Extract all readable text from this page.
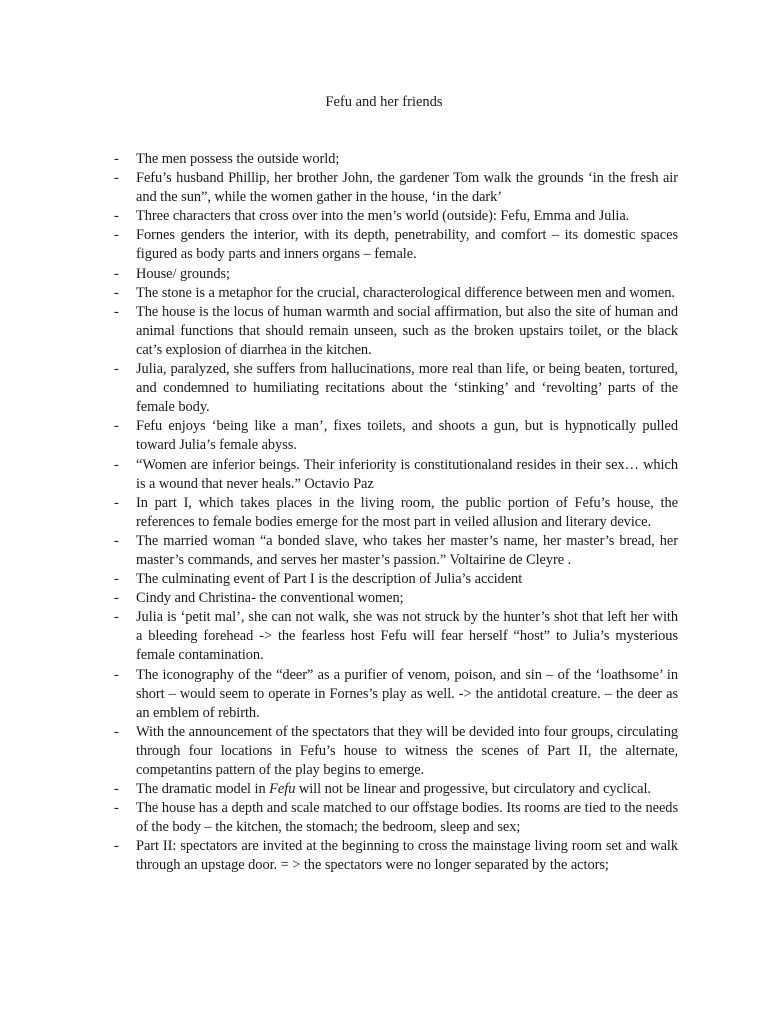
Fefu and her friends
- The men possess the outside world;
- Fefu’s husband Phillip, her brother John, the gardener Tom walk the grounds ‘in the fresh air and the sun”, while the women gather in the house, ‘in the dark’
- Three characters that cross over into the men’s world (outside): Fefu, Emma and Julia.
- Fornes genders the interior, with its depth, penetrability, and comfort – its domestic spaces figured as body parts and inners organs – female.
- House/ grounds;
- The stone is a metaphor for the crucial, characterological difference between men and women.
- The house is the locus of human warmth and social affirmation, but also the site of human and animal functions that should remain unseen, such as the broken upstairs toilet, or the black cat’s explosion of diarrhea in the kitchen.
- Julia, paralyzed, she suffers from hallucinations, more real than life, or being beaten, tortured, and condemned to humiliating recitations about the ‘stinking’ and ‘revolting’ parts of the female body.
- Fefu enjoys ‘being like a man’, fixes toilets, and shoots a gun, but is hypnotically pulled toward Julia’s female abyss.
- “Women are inferior beings. Their inferiority is constitutionaland resides in their sex… which is a wound that never heals.” Octavio Paz
- In part I, which takes places in the living room, the public portion of Fefu’s house, the references to female bodies emerge for the most part in veiled allusion and literary device.
- The married woman “a bonded slave, who takes her master’s name, her master’s bread, her master’s commands, and serves her master’s passion.” Voltairine de Cleyre .
- The culminating event of Part I is the description of Julia’s accident
- Cindy and Christina- the conventional women;
- Julia is ‘petit mal’, she can not walk, she was not struck by the hunter’s shot that left her with a bleeding forehead -> the fearless host Fefu will fear herself “host” to Julia’s mysterious female contamination.
- The iconography of the “deer” as a purifier of venom, poison, and sin – of the ‘loathsome’ in short – would seem to operate in Fornes’s play as well. -> the antidotal creature. – the deer as an emblem of rebirth.
- With the announcement of the spectators that they will be devided into four groups, circulating through four locations in Fefu’s house to witness the scenes of Part II, the alternate, competantins pattern of the play begins to emerge.
- The dramatic model in Fefu will not be linear and progessive, but circulatory and cyclical.
- The house has a depth and scale matched to our offstage bodies. Its rooms are tied to the needs of the body – the kitchen, the stomach; the bedroom, sleep and sex;
- Part II: spectators are invited at the beginning to cross the mainstage living room set and walk through an upstage door. = > the spectators were no longer separated by the actors;
